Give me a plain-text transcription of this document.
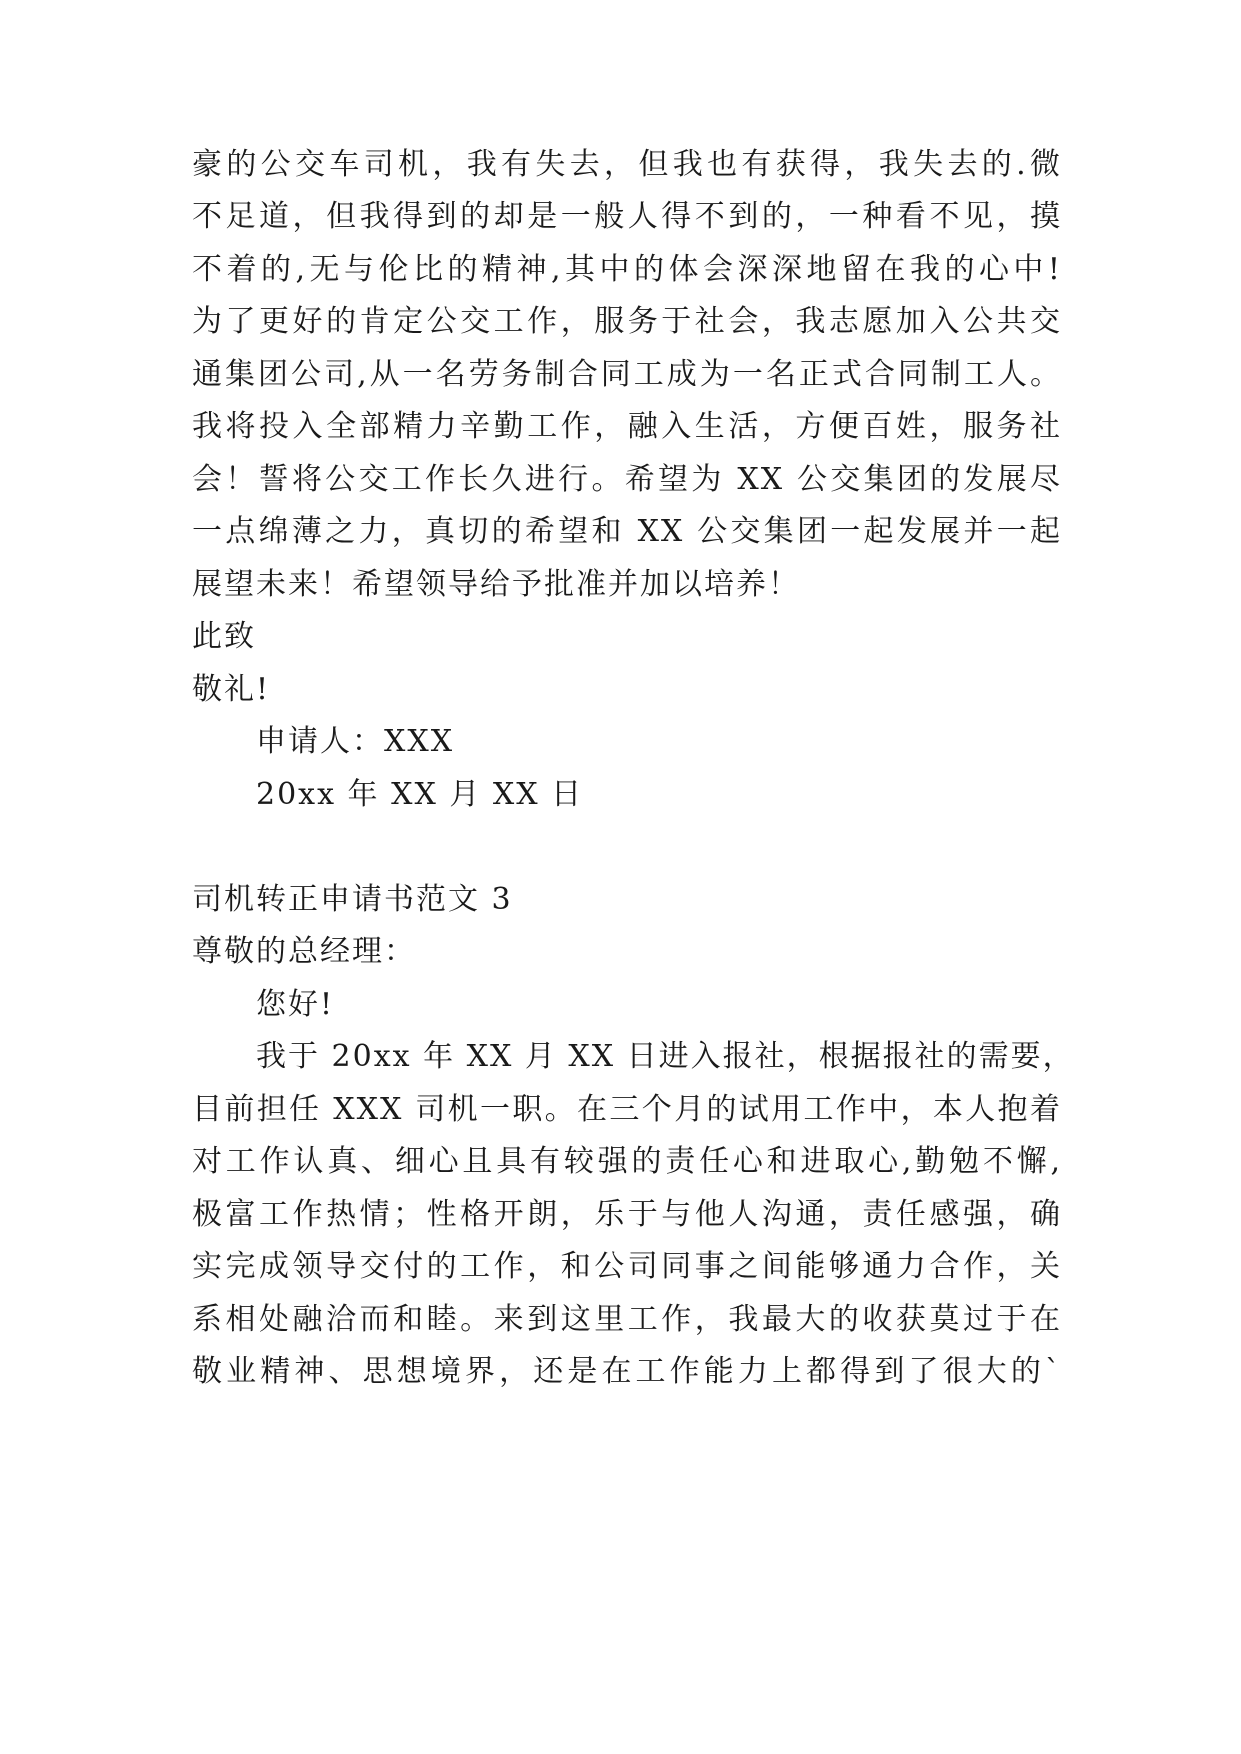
豪的公交车司机，我有失去，但我也有获得，我失去的.微
不足道，但我得到的却是一般人得不到的，一种看不见，摸
不着的,无与伦比的精神,其中的体会深深地留在我的心中!
为了更好的肯定公交工作，服务于社会，我志愿加入公共交
通集团公司,从一名劳务制合同工成为一名正式合同制工人。
我将投入全部精力辛勤工作，融入生活，方便百姓，服务社
会！誓将公交工作长久进行。希望为 XX 公交集团的发展尽
一点绵薄之力，真切的希望和 XX 公交集团一起发展并一起
展望未来！希望领导给予批准并加以培养！
此致
敬礼!
申请人：XXX
20xx 年 XX 月 XX 日
司机转正申请书范文 3
尊敬的总经理：
您好!
我于 20xx 年 XX 月 XX 日进入报社，根据报社的需要，
目前担任 XXX 司机一职。在三个月的试用工作中，本人抱着
对工作认真、细心且具有较强的责任心和进取心,勤勉不懈,
极富工作热情；性格开朗，乐于与他人沟通，责任感强，确
实完成领导交付的工作，和公司同事之间能够通力合作，关
系相处融洽而和睦。来到这里工作，我最大的收获莫过于在
敬业精神、思想境界，还是在工作能力上都得到了很大的`
